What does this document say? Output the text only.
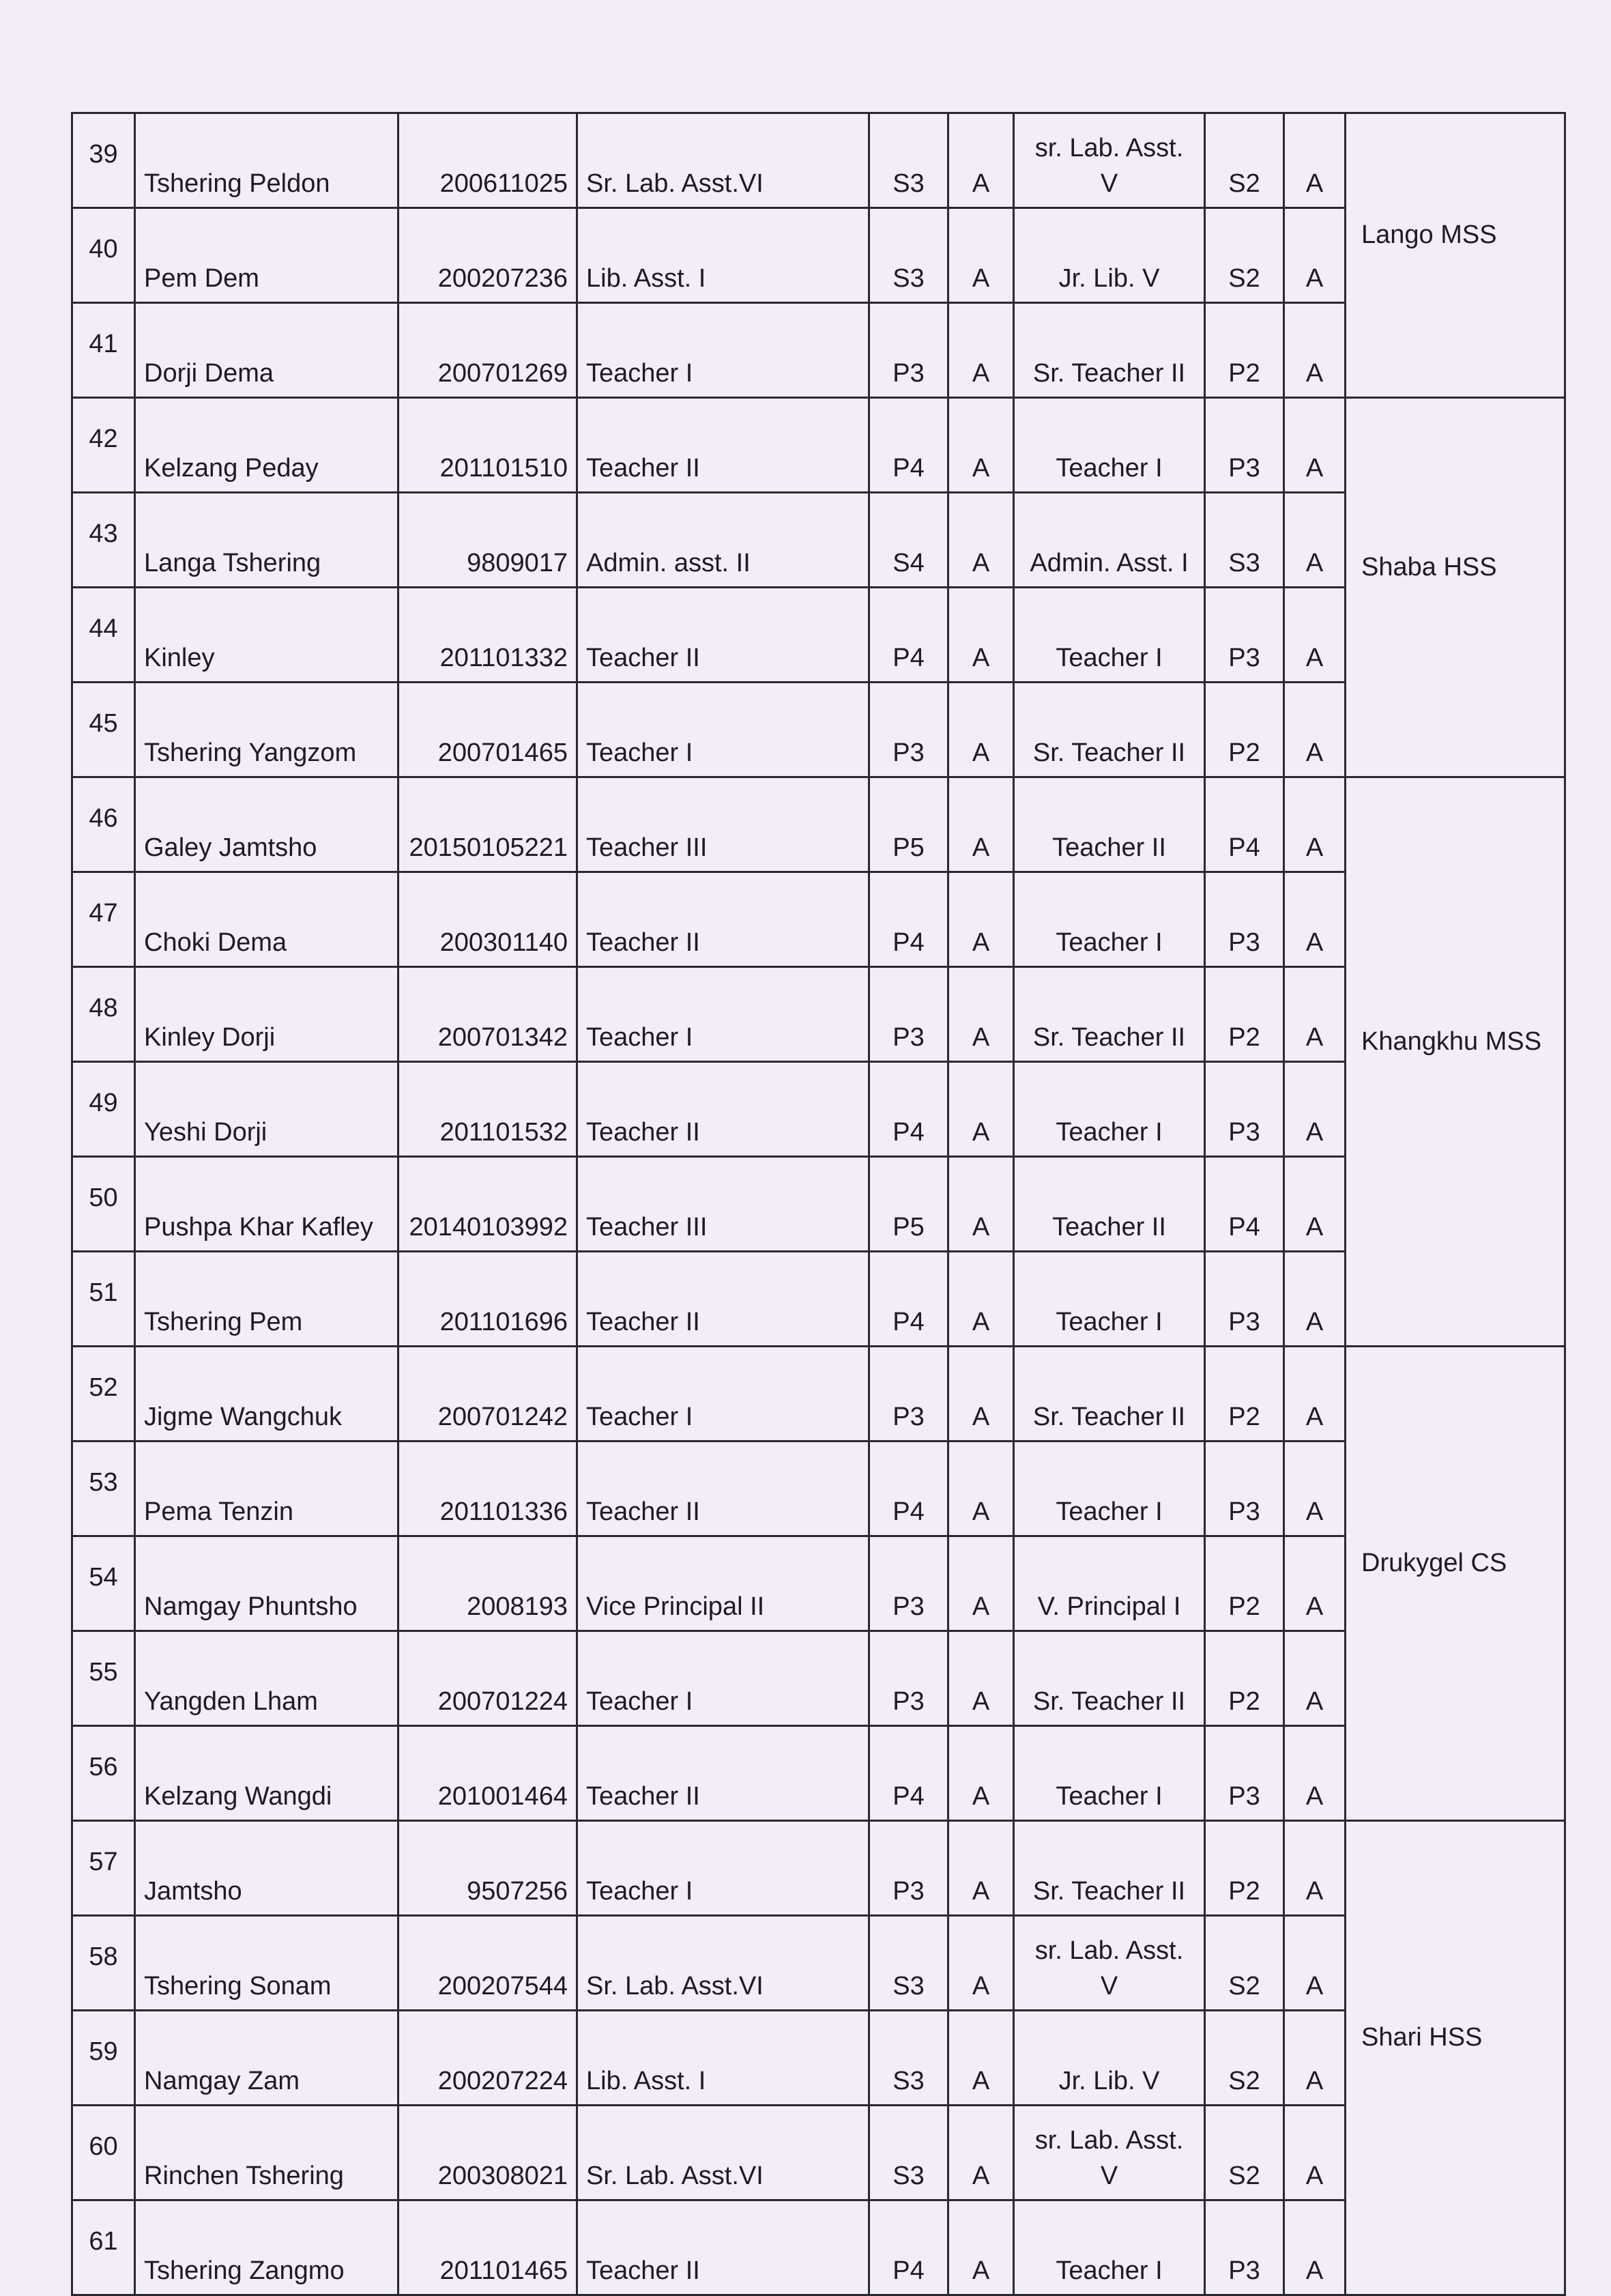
39	Tshering Peldon	200611025	Sr. Lab. Asst.VI	S3	A	sr. Lab. Asst. V	S2	A	Lango MSS
40	Pem Dem	200207236	Lib. Asst. I	S3	A	Jr. Lib. V	S2	A	
41	Dorji Dema	200701269	Teacher I	P3	A	Sr. Teacher II	P2	A	
42	Kelzang Peday	201101510	Teacher II	P4	A	Teacher I	P3	A	Shaba HSS
43	Langa Tshering	9809017	Admin. asst. II	S4	A	Admin. Asst. I	S3	A	
44	Kinley	201101332	Teacher II	P4	A	Teacher I	P3	A	
45	Tshering Yangzom	200701465	Teacher I	P3	A	Sr. Teacher II	P2	A	
46	Galey Jamtsho	20150105221	Teacher III	P5	A	Teacher II	P4	A	Khangkhu MSS
47	Choki Dema	200301140	Teacher II	P4	A	Teacher I	P3	A	
48	Kinley Dorji	200701342	Teacher I	P3	A	Sr. Teacher II	P2	A	
49	Yeshi Dorji	201101532	Teacher II	P4	A	Teacher I	P3	A	
50	Pushpa Khar Kafley	20140103992	Teacher III	P5	A	Teacher II	P4	A	
51	Tshering Pem	201101696	Teacher II	P4	A	Teacher I	P3	A	
52	Jigme Wangchuk	200701242	Teacher I	P3	A	Sr. Teacher II	P2	A	Drukygel CS
53	Pema Tenzin	201101336	Teacher II	P4	A	Teacher I	P3	A	
54	Namgay Phuntsho	2008193	Vice Principal II	P3	A	V. Principal I	P2	A	
55	Yangden Lham	200701224	Teacher I	P3	A	Sr. Teacher II	P2	A	
56	Kelzang Wangdi	201001464	Teacher II	P4	A	Teacher I	P3	A	
57	Jamtsho	9507256	Teacher I	P3	A	Sr. Teacher II	P2	A	Shari HSS
58	Tshering Sonam	200207544	Sr. Lab. Asst.VI	S3	A	sr. Lab. Asst. V	S2	A	
59	Namgay Zam	200207224	Lib. Asst. I	S3	A	Jr. Lib. V	S2	A	
60	Rinchen Tshering	200308021	Sr. Lab. Asst.VI	S3	A	sr. Lab. Asst. V	S2	A	
61	Tshering Zangmo	201101465	Teacher II	P4	A	Teacher I	P3	A	
